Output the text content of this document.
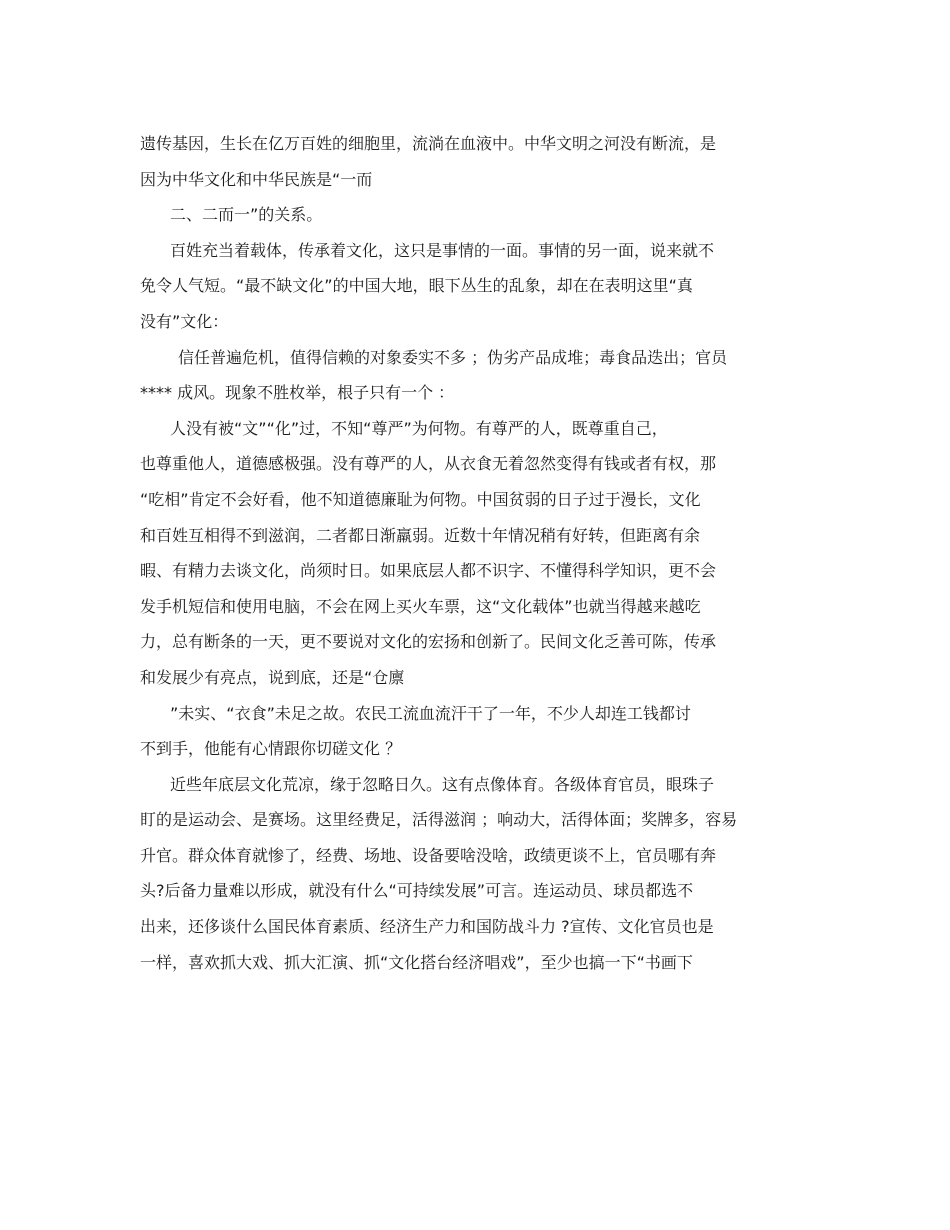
遗传基因，生长在亿万百姓的细胞里，流淌在血液中。中华文明之河没有断流，是
因为中华文化和中华民族是“一而
二、二而一”的关系。
百姓充当着载体，传承着文化，这只是事情的一面。事情的另一面，说来就不
免令人气短。“最不缺文化”的中国大地，眼下丛生的乱象，却在在表明这里“真
没有”文化：
信任普遍危机，值得信赖的对象委实不多 ；伪劣产品成堆；毒食品迭出；官员
**** 成风。现象不胜枚举，根子只有一个 ：
人没有被“文”“化”过，不知“尊严”为何物。有尊严的人，既尊重自己，
也尊重他人，道德感极强。没有尊严的人，从衣食无着忽然变得有钱或者有权，那
“吃相”肯定不会好看，他不知道德廉耻为何物。中国贫弱的日子过于漫长，文化
和百姓互相得不到滋润，二者都日渐羸弱。近数十年情况稍有好转，但距离有余
暇、有精力去谈文化，尚须时日。如果底层人都不识字、不懂得科学知识，更不会
发手机短信和使用电脑，不会在网上买火车票，这“文化载体”也就当得越来越吃
力，总有断条的一天，更不要说对文化的宏扬和创新了。民间文化乏善可陈，传承
和发展少有亮点，说到底，还是“仓廪
”未实、“衣食”未足之故。农民工流血流汗干了一年，不少人却连工钱都讨
不到手，他能有心情跟你切磋文化 ？
近些年底层文化荒凉，缘于忽略日久。这有点像体育。各级体育官员，眼珠子
盯的是运动会、是赛场。这里经费足，活得滋润 ；响动大，活得体面；奖牌多，容易
升官。群众体育就惨了，经费、场地、设备要啥没啥，政绩更谈不上，官员哪有奔
头?后备力量难以形成，就没有什么“可持续发展”可言。连运动员、球员都选不
出来，还侈谈什么国民体育素质、经济生产力和国防战斗力 ?宣传、文化官员也是
一样，喜欢抓大戏、抓大汇演、抓“文化搭台经济唱戏”，至少也搞一下“书画下
